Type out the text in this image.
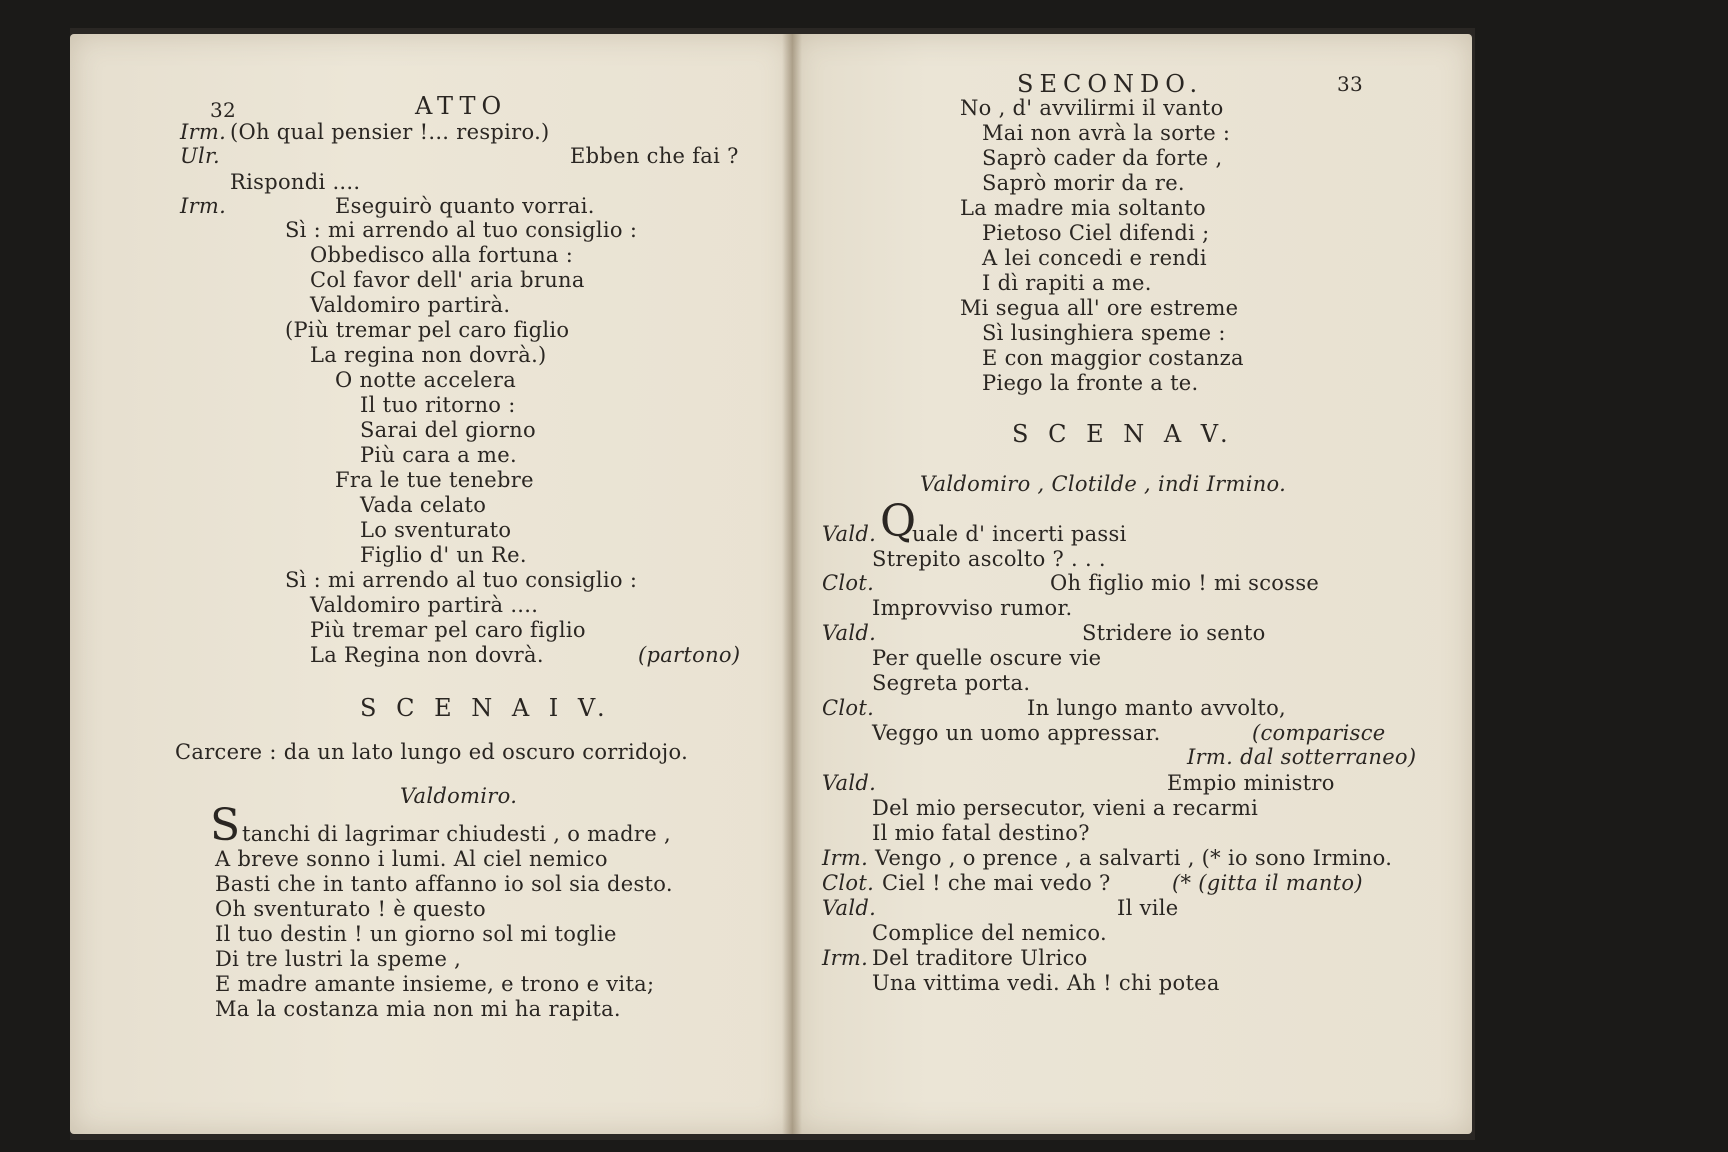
32	ATTO
Irm. (Oh qual pensier !... respiro.)
Ulr.	Ebben che fai ?
Rispondi ....
Irm.	Eseguirò quanto vorrai.
Sì : mi arrendo al tuo consiglio :
Obbedisco alla fortuna :
Col favor dell' aria bruna
Valdomiro partirà.
(Più tremar pel caro figlio
La regina non dovrà.)
O notte accelera
Il tuo ritorno :
Sarai del giorno
Più cara a me.
Fra le tue tenebre
Vada celato
Lo sventurato
Figlio d' un Re.
Sì : mi arrendo al tuo consiglio :
Valdomiro partirà ....
Più tremar pel caro figlio
La Regina non dovrà.	(partono)
S C E N A I V.
Carcere : da un lato lungo ed oscuro corridojo.
Valdomiro.
S tanchi di lagrimar chiudesti , o madre ,
A breve sonno i lumi. Al ciel nemico
Basti che in tanto affanno io sol sia desto.
Oh sventurato ! è questo
Il tuo destin ! un giorno sol mi toglie
Di tre lustri la speme ,
E madre amante insieme, e trono e vita;
Ma la costanza mia non mi ha rapita.
SECONDO.	33
No , d' avvilirmi il vanto
Mai non avrà la sorte :
Saprò cader da forte ,
Saprò morir da re.
La madre mia soltanto
Pietoso Ciel difendi ;
A lei concedi e rendi
I dì rapiti a me.
Mi segua all' ore estreme
Sì lusinghiera speme :
E con maggior costanza
Piego la fronte a te.
S C E N A V.
Valdomiro , Clotilde , indi Irmino.
Vald. Q
uale d' incerti passi
Strepito ascolto ? . . .
Clot.	Oh figlio mio ! mi scosse
Improvviso rumor.
Vald.	Stridere io sento
Per quelle oscure vie
Segreta porta.
Clot.	In lungo manto avvolto,
Veggo un uomo appressar.	(comparisce
Irm. dal sotterraneo)
Vald.	Empio ministro
Del mio persecutor, vieni a recarmi
Il mio fatal destino?
Irm. Vengo , o prence , a salvarti , (* io sono Irmino.
Clot. Ciel ! che mai vedo ?	(* (gitta il manto)
Vald.	Il vile
Complice del nemico.
Irm. Del traditore Ulrico
Una vittima vedi. Ah ! chi potea
